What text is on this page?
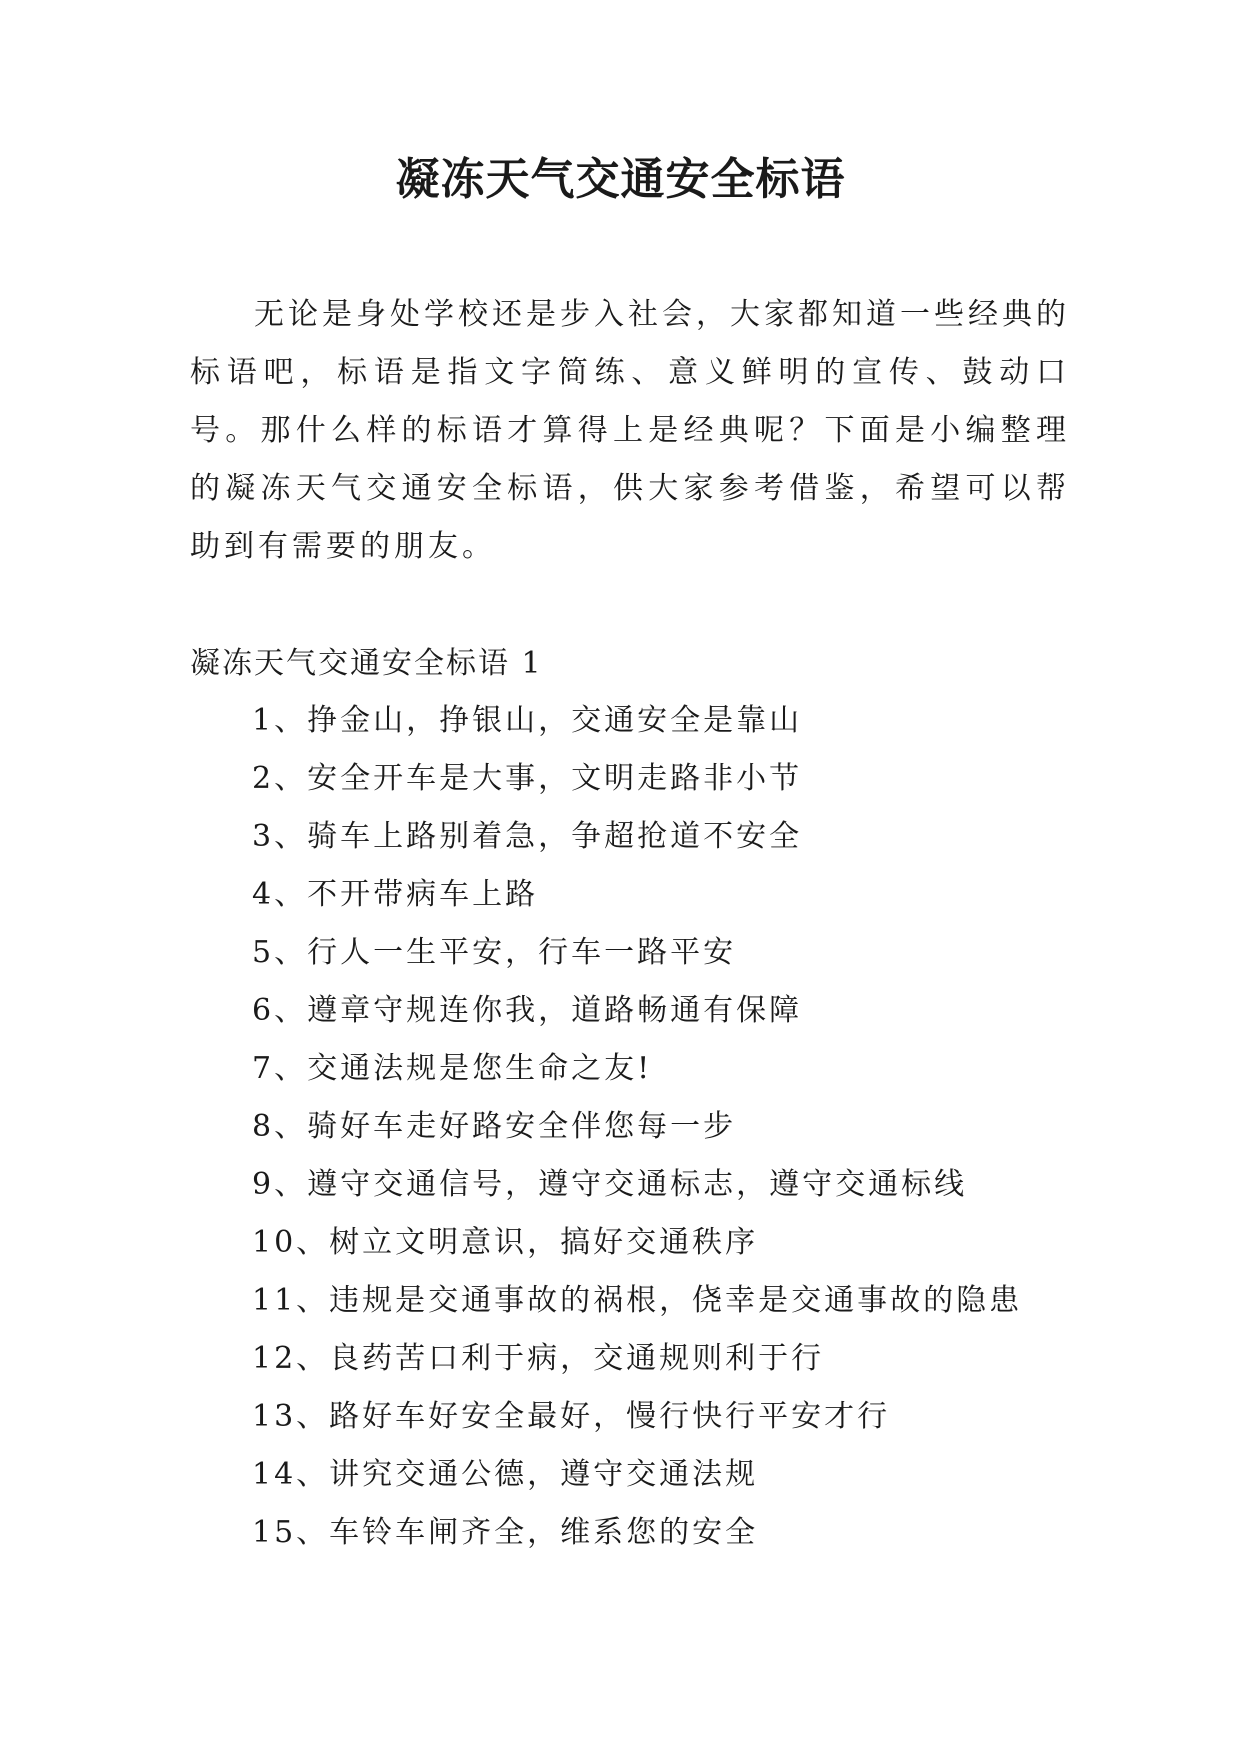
凝冻天气交通安全标语

无论是身处学校还是步入社会，大家都知道一些经典的标语吧，标语是指文字简练、意义鲜明的宣传、鼓动口号。那什么样的标语才算得上是经典呢？下面是小编整理的凝冻天气交通安全标语，供大家参考借鉴，希望可以帮助到有需要的朋友。

凝冻天气交通安全标语 1

1、挣金山，挣银山，交通安全是靠山
2、安全开车是大事，文明走路非小节
3、骑车上路别着急，争超抢道不安全
4、不开带病车上路
5、行人一生平安，行车一路平安
6、遵章守规连你我，道路畅通有保障
7、交通法规是您生命之友!
8、骑好车走好路安全伴您每一步
9、遵守交通信号，遵守交通标志，遵守交通标线
10、树立文明意识，搞好交通秩序
11、违规是交通事故的祸根，侥幸是交通事故的隐患
12、良药苦口利于病，交通规则利于行
13、路好车好安全最好，慢行快行平安才行
14、讲究交通公德，遵守交通法规
15、车铃车闸齐全，维系您的安全
